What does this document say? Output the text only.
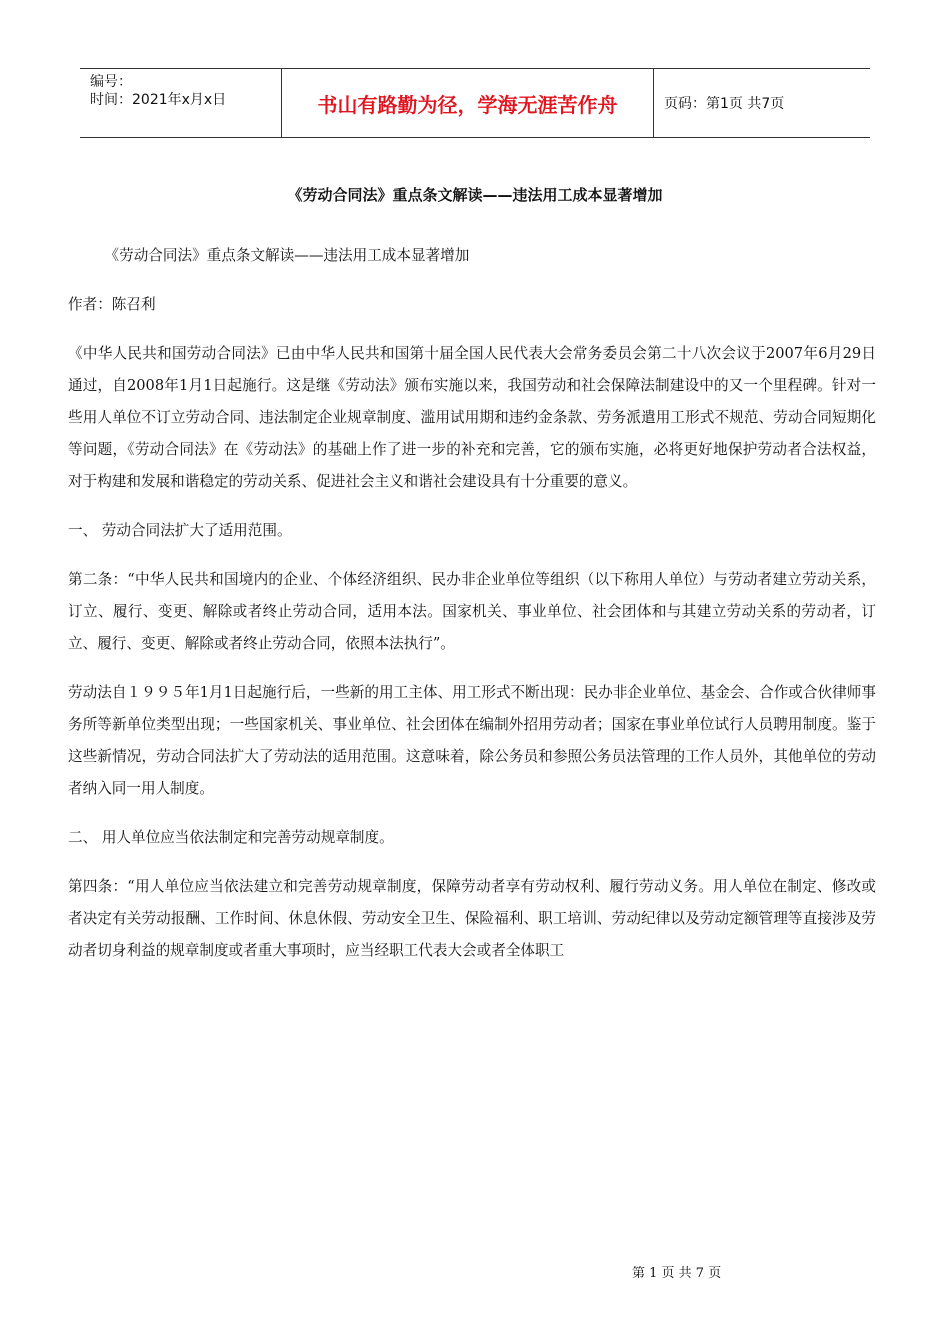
编号：
时间：2021年x月x日	书山有路勤为径，学海无涯苦作舟	页码：第1页 共7页
《劳动合同法》重点条文解读——违法用工成本显著增加

《劳动合同法》重点条文解读——违法用工成本显著增加

作者：陈召利

《中华人民共和国劳动合同法》已由中华人民共和国第十届全国人民代表大会常务委员会第二十八次会议于2007年6月29日通过，自2008年1月1日起施行。这是继《劳动法》颁布实施以来，我国劳动和社会保障法制建设中的又一个里程碑。针对一些用人单位不订立劳动合同、违法制定企业规章制度、滥用试用期和违约金条款、劳务派遣用工形式不规范、劳动合同短期化等问题，《劳动合同法》在《劳动法》的基础上作了进一步的补充和完善，它的颁布实施，必将更好地保护劳动者合法权益，对于构建和发展和谐稳定的劳动关系、促进社会主义和谐社会建设具有十分重要的意义。

一、 劳动合同法扩大了适用范围。

第二条：“中华人民共和国境内的企业、个体经济组织、民办非企业单位等组织（以下称用人单位）与劳动者建立劳动关系，订立、履行、变更、解除或者终止劳动合同，适用本法。国家机关、事业单位、社会团体和与其建立劳动关系的劳动者，订立、履行、变更、解除或者终止劳动合同，依照本法执行”。

劳动法自１９９５年1月1日起施行后，一些新的用工主体、用工形式不断出现：民办非企业单位、基金会、合作或合伙律师事务所等新单位类型出现；一些国家机关、事业单位、社会团体在编制外招用劳动者；国家在事业单位试行人员聘用制度。鉴于这些新情况，劳动合同法扩大了劳动法的适用范围。这意味着，除公务员和参照公务员法管理的工作人员外，其他单位的劳动者纳入同一用人制度。

二、 用人单位应当依法制定和完善劳动规章制度。

第四条：“用人单位应当依法建立和完善劳动规章制度，保障劳动者享有劳动权利、履行劳动义务。用人单位在制定、修改或者决定有关劳动报酬、工作时间、休息休假、劳动安全卫生、保险福利、职工培训、劳动纪律以及劳动定额管理等直接涉及劳动者切身利益的规章制度或者重大事项时，应当经职工代表大会或者全体职工

第 1 页 共 7 页
